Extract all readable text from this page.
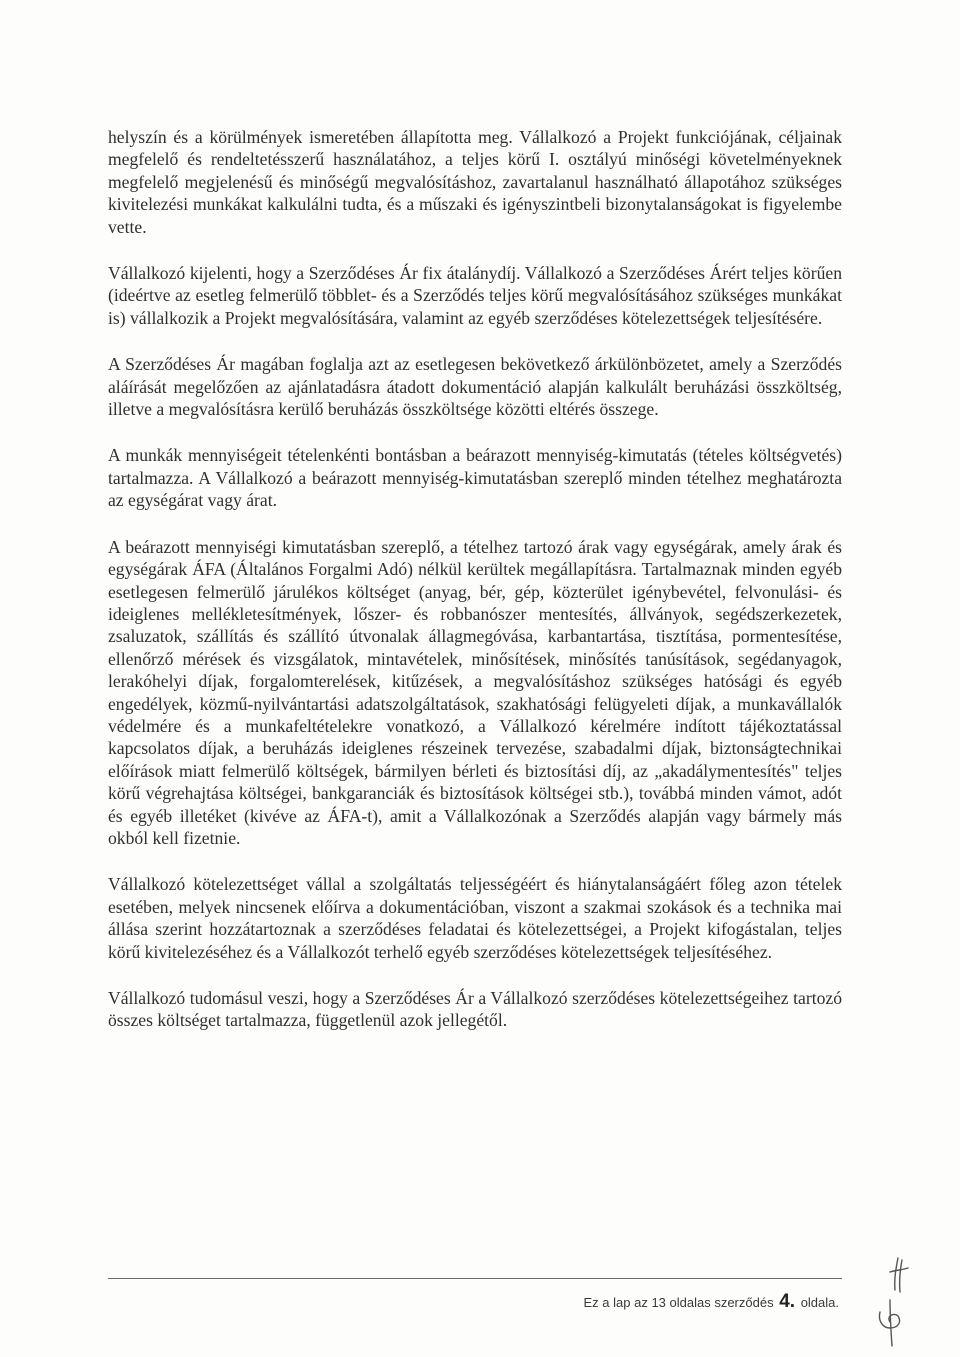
helyszín és a körülmények ismeretében állapította meg. Vállalkozó a Projekt funkciójának, céljainak megfelelő és rendeltetésszerű használatához, a teljes körű I. osztályú minőségi követelményeknek megfelelő megjelenésű és minőségű megvalósításhoz, zavartalanul használható állapotához szükséges kivitelezési munkákat kalkulálni tudta, és a műszaki és igényszintbeli bizonytalanságokat is figyelembe vette.

Vállalkozó kijelenti, hogy a Szerződéses Ár fix átalánydíj. Vállalkozó a Szerződéses Árért teljes körűen (ideértve az esetleg felmerülő többlet- és a Szerződés teljes körű megvalósításához szükséges munkákat is) vállalkozik a Projekt megvalósítására, valamint az egyéb szerződéses kötelezettségek teljesítésére.

A Szerződéses Ár magában foglalja azt az esetlegesen bekövetkező árkülönbözetet, amely a Szerződés aláírását megelőzően az ajánlatadásra átadott dokumentáció alapján kalkulált beruházási összköltség, illetve a megvalósításra kerülő beruházás összköltsége közötti eltérés összege.

A munkák mennyiségeit tételenkénti bontásban a beárazott mennyiség-kimutatás (tételes költségvetés) tartalmazza. A Vállalkozó a beárazott mennyiség-kimutatásban szereplő minden tételhez meghatározta az egységárat vagy árat.

A beárazott mennyiségi kimutatásban szereplő, a tételhez tartozó árak vagy egységárak, amely árak és egységárak ÁFA (Általános Forgalmi Adó) nélkül kerültek megállapításra. Tartalmaznak minden egyéb esetlegesen felmerülő járulékos költséget (anyag, bér, gép, közterület igénybevétel, felvonulási- és ideiglenes mellékletesítmények, lőszer- és robbanószer mentesítés, állványok, segédszerkezetek, zsaluzatok, szállítás és szállító útvonalak állagmegóvása, karbantartása, tisztítása, pormentesítése, ellenőrző mérések és vizsgálatok, mintavételek, minősítések, minősítés tanúsítások, segédanyagok, lerakóhelyi díjak, forgalomterelések, kitűzések, a megvalósításhoz szükséges hatósági és egyéb engedélyek, közmű-nyilvántartási adatszolgáltatások, szakhatósági felügyeleti díjak, a munkavállalók védelmére és a munkafeltételekre vonatkozó, a Vállalkozó kérelmére indított tájékoztatással kapcsolatos díjak, a beruházás ideiglenes részeinek tervezése, szabadalmi díjak, biztonságtechnikai előírások miatt felmerülő költségek, bármilyen bérleti és biztosítási díj, az „akadálymentesítés" teljes körű végrehajtása költségei, bankgaranciák és biztosítások költségei stb.), továbbá minden vámot, adót és egyéb illetéket (kivéve az ÁFA-t), amit a Vállalkozónak a Szerződés alapján vagy bármely más okból kell fizetnie.

Vállalkozó kötelezettséget vállal a szolgáltatás teljességéért és hiánytalanságáért főleg azon tételek esetében, melyek nincsenek előírva a dokumentációban, viszont a szakmai szokások és a technika mai állása szerint hozzátartoznak a szerződéses feladatai és kötelezettségei, a Projekt kifogástalan, teljes körű kivitelezéséhez és a Vállalkozót terhelő egyéb szerződéses kötelezettségek teljesítéséhez.

Vállalkozó tudomásul veszi, hogy a Szerződéses Ár a Vállalkozó szerződéses kötelezettségeihez tartozó összes költséget tartalmazza, függetlenül azok jellegétől.

Ez a lap az 13 oldalas szerződés 4. oldala.
